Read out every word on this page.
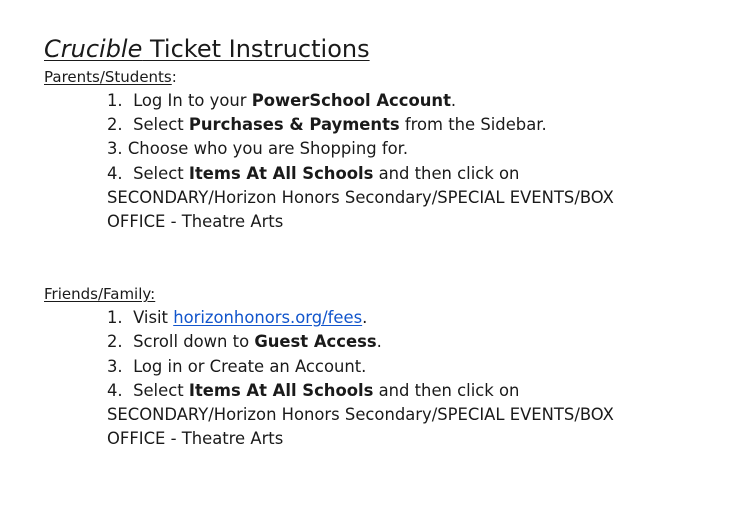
Crucible Ticket Instructions
Parents/Students:
1. Log In to your PowerSchool Account.
2. Select Purchases & Payments from the Sidebar.
3. Choose who you are Shopping for.
4. Select Items At All Schools and then click on
SECONDARY/Horizon Honors Secondary/SPECIAL EVENTS/BOX
OFFICE - Theatre Arts
Friends/Family:
1. Visit horizonhonors.org/fees.
2. Scroll down to Guest Access.
3. Log in or Create an Account.
4. Select Items At All Schools and then click on
SECONDARY/Horizon Honors Secondary/SPECIAL EVENTS/BOX
OFFICE - Theatre Arts
